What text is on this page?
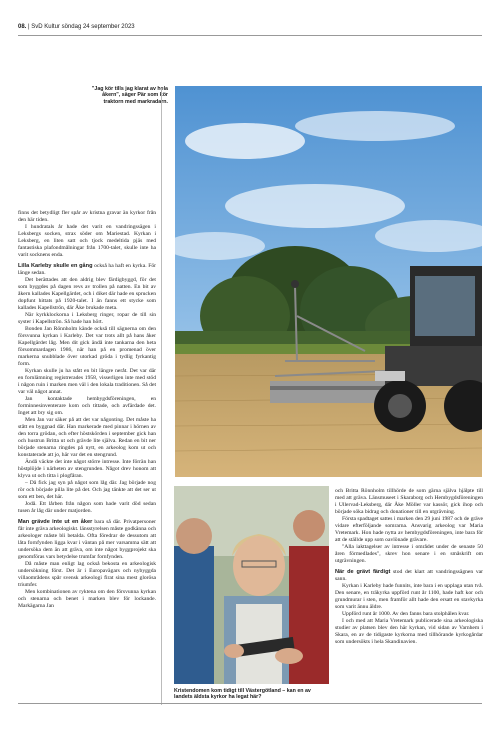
08. | SvD Kultur söndag 24 september 2023
"Jag kör tills jag klarat av hela åkern", säger Pär som kör traktorn med markradarn.

finns det betydligt fler spår av kristna gravar än kyrkor från den här tiden.

I hundratals år hade det varit en vandringssägen i Leksbergs socken, strax söder om Mariestad. Kyrkan i Leksberg, en liten satt och tjock medeltida pjäs med fantastiska plafondmålningar från 1700-talet, skulle inte ha varit socknens enda.

Lilla Karleby skulle en gång också ha haft en kyrka. För länge sedan.

Det berättades att den aldrig blev färdigbyggd, för det som byggdes på dagen revs av trollen på natten. En bit av åkern kallades Kapellgärdet, och i diket där hade en sprucken dopfunt hittats på 1920-talet. I än fanns ett stycke som kallades Kapellströn, där Åke brukade meta.

När kyrkklockorna i Leksberg ringer, ropar de till sin syster i Kapellströn. Så hade han hört.

Bonden Jan Rönnholm kände också till sägnerna om den försvunna kyrkan i Karleby. Det var trots allt på hans åker Kapellgärdet låg. Men dit gick ändå inte tankarna den heta försommardagen 1986, när han på en promenad över markerna snubblade över utorkad gröda i tydlig fyrkantig form.

Kyrkan skulle ju ha stått en bit längre neråt. Det var där en fornlämning registrerades 1958, visserligen inte med stöd i någon ruin i marken men väl i den lokala traditionen. Så det var väl något annat.

Jan kontaktade hembygdsföreningen, en forminnesinventerare kom och tittade, och avfärdade det. Inget att bry sig om.

Men Jan var säker på att det var någonting. Det måste ha stått en byggnad där. Han markerade med pinnar i hörnen av den torra grödan, och efter höstskörden i september gick han och hustrun Britta ut och grävde lite själva. Redan en bit ner började stenarna ringdes på nytt, en arkeolog kom ut och konstaterade att jo, här var det en stengrund.

Ändå väckte det inte något större intresse. Inte förrän han höstplöjde i närheten av stengrunden. Något drev honom att klyva ut och titta i plogfåran.

– Då fick jag syn på något som låg där. Jag började nog rör och började pilla lite på det. Och jag tänkte att det ser ut som ett ben, det här.

Jodå. Ett lårben från någon som hade varit död sedan tusen år låg där under matjorden.

Man grävde inte ut en åker bara så där. Privatpersoner får inte gräva arkeologiskt. länsstyrelsen måste godkänna och arkeologer måste bli betalda. Ofta föredrar de dessutom att låta fornfynden ligga kvar i väntan på mer varsamma sätt att undersöka dem än att gräva, om inte något byggprojekt ska genomföras vars betydelse trumfar fornfynden.

Då måste man enligt lag också bekosta en arkeologisk undersökning först. Det är i Europavägars och nybyggda villaområdens spår svensk arkeologi firat sina mest glorösa triumfer.

Men kombinationen av ryktena om den försvunna kyrkan och stenarna och benet i marken blev för lockande. Markägarna Jan

Kristendomen kom tidigt till Västergötland – kan en av landets äldsta kyrkor ha legat här?

och Britta Rönnholm tillhörde de som gärna själva hjälpte till med att gräva. Länsmuseet i Skaraborg och Hembygdsföreningen i Ullervad-Leksberg, där Åke Möller var kassör, gick ihop och började söka bidrag och donationer till en utgrävning.

Första spadtaget sattes i marken den 29 juni 1987 och de gräve vidare efterföljande somrarna. Ansvarig arkeolog var Maria Vretemark. Hon hade nytta av hembygdsföreningen, inte bara för att de ställde upp som oavlönade grävare.

"Alla iakttagelser av intresse i området under de senaste 50 åren förmedlades", skrev hon senare i en småskrift om utgrävningen.

När de grävt färdigt stod det klart att vandringssägnen var sann.

Kyrkan i Karleby hade funnits, inte bara i en upplaga utan två. Den senare, en träkyrka uppförd runt år 1100, hade haft kor och grundmurar i sten, men framför allt hade den ersatt en stavkyrka som varit ännu äldre.

Uppförd runt år 1000. Av den fanns bara stolphålen kvar.

I och med att Maria Vretemark publicerade sina arkeologiska studier av platsen blev den här kyrkan, vid sidan av Varnhem i Skara, en av de tidigaste kyrkorna med tillhörande kyrkogårdar som undersökts i hela Skandinavien.
